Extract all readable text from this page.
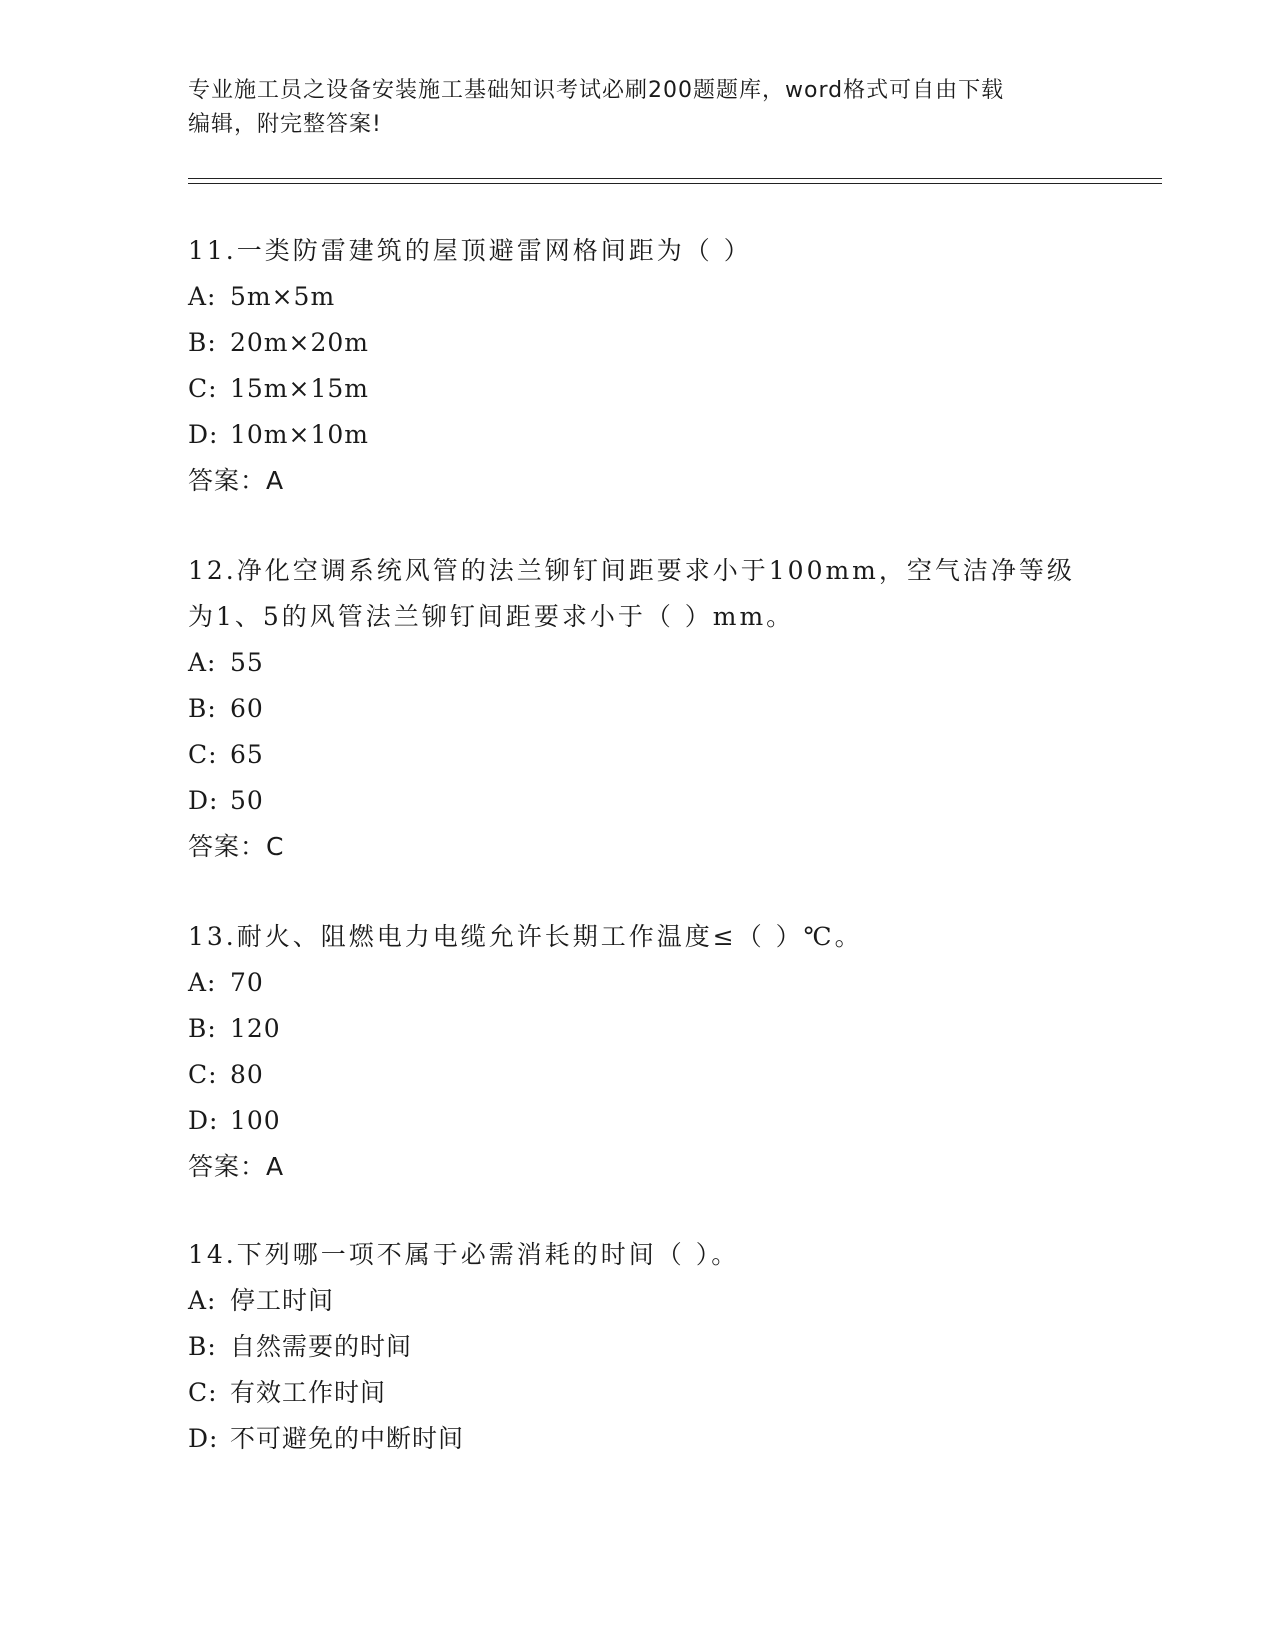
专业施工员之设备安装施工基础知识考试必刷200题题库，word格式可自由下载
编辑，附完整答案!

11.一类防雷建筑的屋顶避雷网格间距为（ ）

A: 5m×5m

B: 20m×20m

C: 15m×15m

D: 10m×10m

答案：A

12.净化空调系统风管的法兰铆钉间距要求小于100mm，空气洁净等级

为1、5的风管法兰铆钉间距要求小于（ ）mm。

A: 55

B: 60

C: 65

D: 50

答案：C

13.耐火、阻燃电力电缆允许长期工作温度≤（ ）℃。

A: 70

B: 120

C: 80

D: 100

答案：A

14.下列哪一项不属于必需消耗的时间（ ）。

A: 停工时间

B: 自然需要的时间

C: 有效工作时间

D: 不可避免的中断时间
